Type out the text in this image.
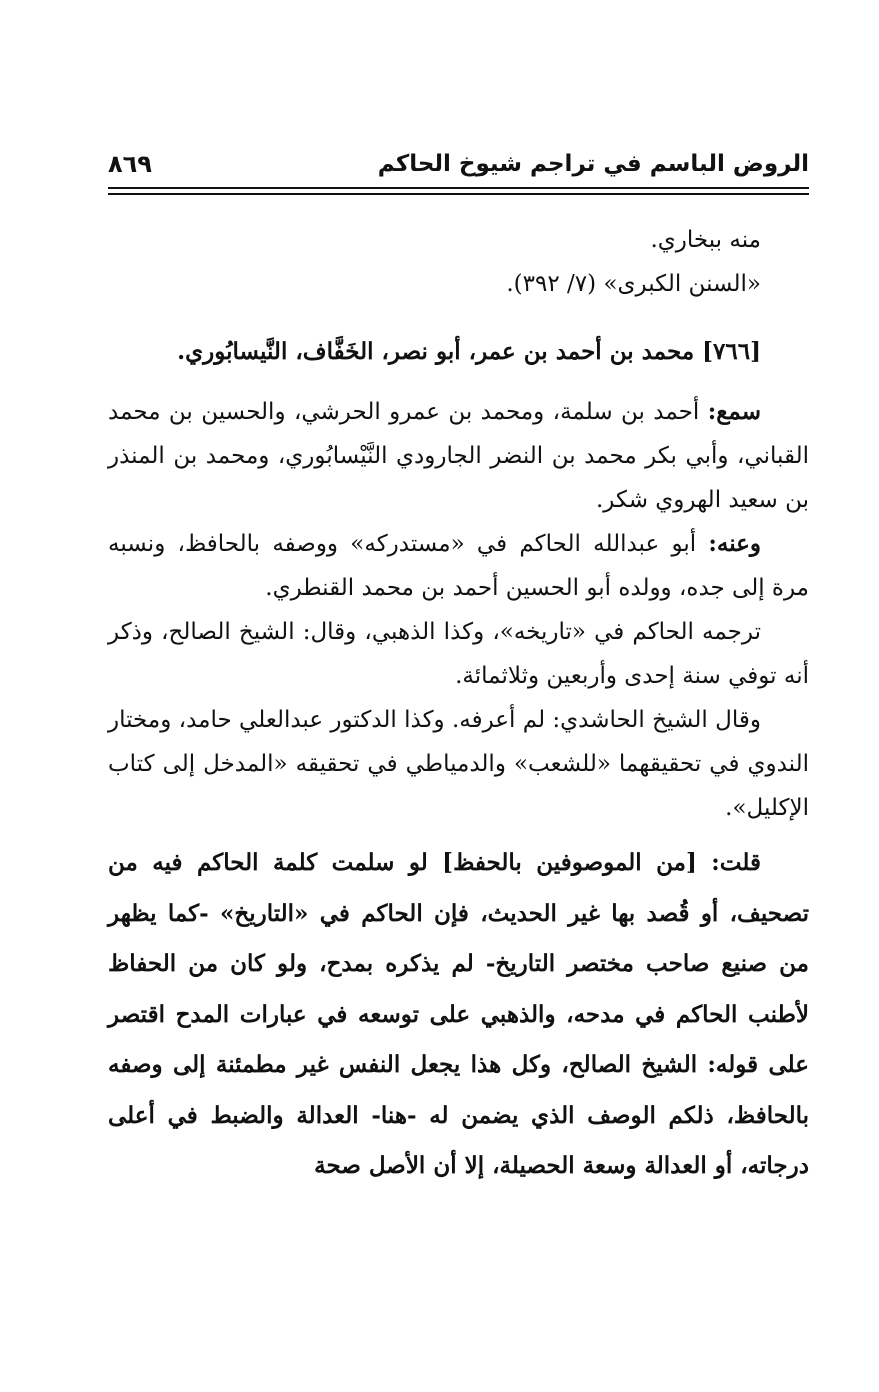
الروض الباسم في تراجم شيوخ الحاكم
٨٦٩

منه ببخاري.

«السنن الكبرى» (٧/ ٣٩٢).

[٧٦٦] محمد بن أحمد بن عمر، أبو نصر، الخَفَّاف، النَّيسابُوري.

سمع: أحمد بن سلمة، ومحمد بن عمرو الحرشي، والحسين بن محمد القباني، وأبي بكر محمد بن النضر الجارودي النَّيْسابُوري، ومحمد بن المنذر بن سعيد الهروي شكر.

وعنه: أبو عبدالله الحاكم في «مستدركه» ووصفه بالحافظ، ونسبه مرة إلى جده، وولده أبو الحسين أحمد بن محمد القنطري.

ترجمه الحاكم في «تاريخه»، وكذا الذهبي، وقال: الشيخ الصالح، وذكر أنه توفي سنة إحدى وأربعين وثلاثمائة.

وقال الشيخ الحاشدي: لم أعرفه. وكذا الدكتور عبدالعلي حامد، ومختار الندوي في تحقيقهما «للشعب» والدمياطي في تحقيقه «المدخل إلى كتاب الإكليل».

قلت: [من الموصوفين بالحفظ] لو سلمت كلمة الحاكم فيه من تصحيف، أو قُصد بها غير الحديث، فإن الحاكم في «التاريخ» -كما يظهر من صنيع صاحب مختصر التاريخ- لم يذكره بمدح، ولو كان من الحفاظ لأطنب الحاكم في مدحه، والذهبي على توسعه في عبارات المدح اقتصر على قوله: الشيخ الصالح، وكل هذا يجعل النفس غير مطمئنة إلى وصفه بالحافظ، ذلكم الوصف الذي يضمن له -هنا- العدالة والضبط في أعلى درجاته، أو العدالة وسعة الحصيلة، إلا أن الأصل صحة
